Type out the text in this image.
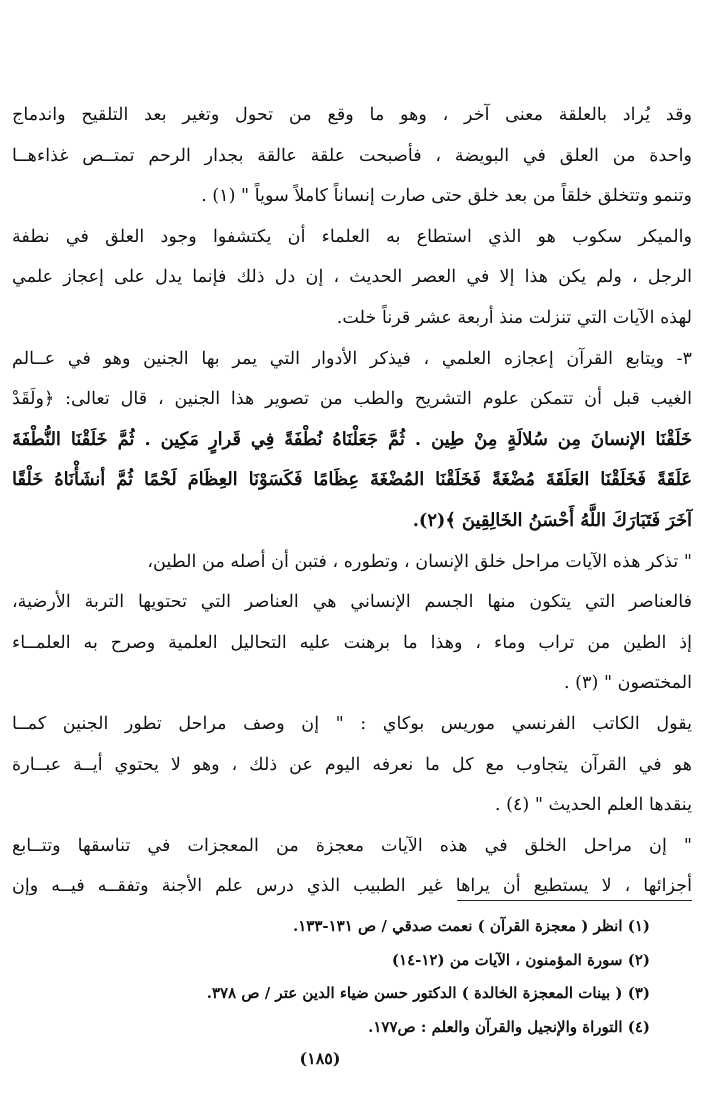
وقد يُراد بالعلقة معنى آخر ، وهو ما وقع من تحول وتغير بعد التلقيح واندماج
واحدة من العلق في البويضة ، فأصبحت علقة عالقة بجدار الرحم تمتــص غذاءهــا
وتنمو وتتخلق خلقاً من بعد خلق حتى صارت إنساناً كاملاً سوياً " (١) .
والميكر سكوب هو الذي استطاع به العلماء أن يكتشفوا وجود العلق في نطفة
الرجل ، ولم يكن هذا إلا في العصر الحديث ، إن دل ذلك فإنما يدل على إعجاز علمي
لهذه الآيات التي تنزلت منذ أربعة عشر قرناً خلت.
٣- ويتابع القرآن إعجازه العلمي ، فيذكر الأدوار التي يمر بها الجنين وهو في عــالم
الغيب قبل أن تتمكن علوم التشريح والطب من تصوير هذا الجنين ، قال تعالى: ﴿ولَقَدْ
خَلَقْنَا الإنسانَ مِن سُلالَةٍ مِنْ طِين . ثُمَّ جَعَلْنَاهُ نُطْفَةً فِي قَرارٍ مَكِين . ثُمَّ خَلَقْنَا النُّطْفَةَ
عَلَقَةً فَخَلَقْنَا العَلَقَةَ مُضْغَةً فَخَلَقْنَا المُضْغَةَ عِظَامًا فَكَسَوْنَا العِظَامَ لَحْمًا ثُمَّ أنشَأْنَاهُ خَلْقًا
آخَرَ فَتَبَارَكَ اللَّهُ أَحْسَنُ الخَالِقِينَ ﴾(٢).
" تذكر هذه الآيات مراحل خلق الإنسان ، وتطوره ، فتبن أن أصله من الطين،
فالعناصر التي يتكون منها الجسم الإنساني هي العناصر التي تحتويها التربة الأرضية،
إذ الطين من تراب وماء ، وهذا ما برهنت عليه التحاليل العلمية وصرح به العلمــاء
المختصون " (٣) .
يقول الكاتب الفرنسي موريس بوكاي : " إن وصف مراحل تطور الجنين كمــا
هو في القرآن يتجاوب مع كل ما نعرفه اليوم عن ذلك ، وهو لا يحتوي أيــة عبــارة
ينقدها العلم الحديث " (٤) .
" إن مراحل الخلق في هذه الآيات معجزة من المعجزات في تناسقها وتتــابع
أجزائها ، لا يستطيع أن يراها غير الطبيب الذي درس علم الأجنة وتفقــه فيــه وإن
(١) انظر ( معجزة القرآن ) نعمت صدقي / ص ١٣١-١٣٣.
(٢) سورة المؤمنون ، الآيات من (١٢-١٤)
(٣) ( بينات المعجزة الخالدة ) الدكتور حسن ضياء الدين عتر / ص ٣٧٨.
(٤) التوراة والإنجيل والقرآن والعلم : ص١٧٧.
(١٨٥)
